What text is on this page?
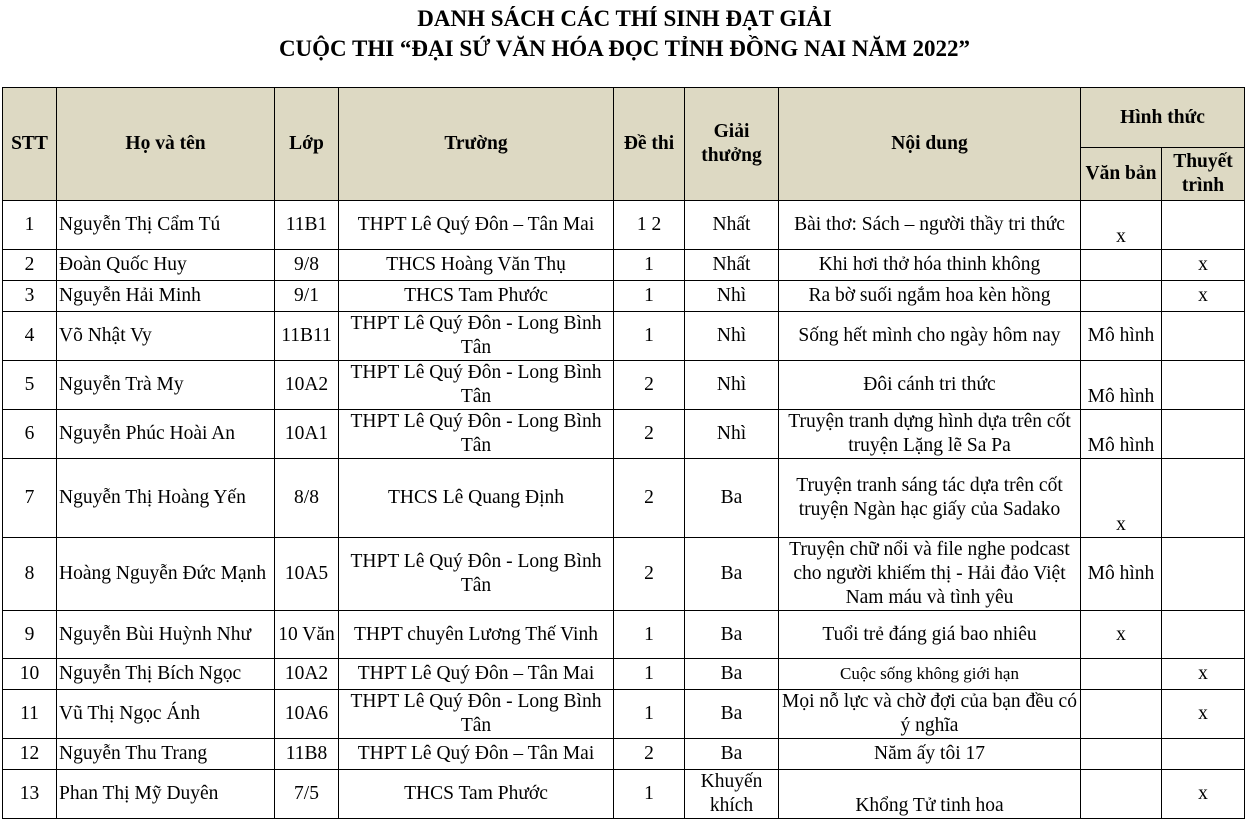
DANH SÁCH CÁC THÍ SINH ĐẠT GIẢI
CUỘC THI “ĐẠI SỨ VĂN HÓA ĐỌC TỈNH ĐỒNG NAI NĂM 2022”
STT	Họ và tên	Lớp	Trường	Đề thi	Giải thưởng	Nội dung	Hình thức	
							Văn bản	Thuyết trình
1	Nguyễn Thị Cẩm Tú	11B1	THPT Lê Quý Đôn – Tân Mai	1 2	Nhất	Bài thơ: Sách – người thầy tri thức	x	
2	Đoàn Quốc Huy	9/8	THCS Hoàng Văn Thụ	1	Nhất	Khi hơi thở hóa thinh không		x
3	Nguyễn Hải Minh	9/1	THCS Tam Phước	1	Nhì	Ra bờ suối ngắm hoa kèn hồng		x
4	Võ Nhật Vy	11B11	THPT Lê Quý Đôn - Long Bình Tân	1	Nhì	Sống hết mình cho ngày hôm nay	Mô hình	
5	Nguyễn Trà My	10A2	THPT Lê Quý Đôn - Long Bình Tân	2	Nhì	Đôi cánh tri thức	Mô hình	
6	Nguyễn Phúc Hoài An	10A1	THPT Lê Quý Đôn - Long Bình Tân	2	Nhì	Truyện tranh dựng hình dựa trên cốt truyện Lặng lẽ Sa Pa	Mô hình	
7	Nguyễn Thị Hoàng Yến	8/8	THCS Lê Quang Định	2	Ba	Truyện tranh sáng tác dựa trên cốt truyện Ngàn hạc giấy của Sadako	x	
8	Hoàng Nguyễn Đức Mạnh	10A5	THPT Lê Quý Đôn - Long Bình Tân	2	Ba	Truyện chữ nổi và file nghe podcast cho người khiếm thị - Hải đảo Việt Nam máu và tình yêu	Mô hình	
9	Nguyễn Bùi Huỳnh Như	10 Văn	THPT chuyên Lương Thế Vinh	1	Ba	Tuổi trẻ đáng giá bao nhiêu	x	
10	Nguyễn Thị Bích Ngọc	10A2	THPT Lê Quý Đôn – Tân Mai	1	Ba	Cuộc sống không giới hạn		x
11	Vũ Thị Ngọc Ánh	10A6	THPT Lê Quý Đôn - Long Bình Tân	1	Ba	Mọi nỗ lực và chờ đợi của bạn đều có ý nghĩa		x
12	Nguyễn Thu Trang	11B8	THPT Lê Quý Đôn – Tân Mai	2	Ba	Năm ấy tôi 17		
13	Phan Thị Mỹ Duyên	7/5	THCS Tam Phước	1	Khuyến khích	Khổng Tử tinh hoa		x
